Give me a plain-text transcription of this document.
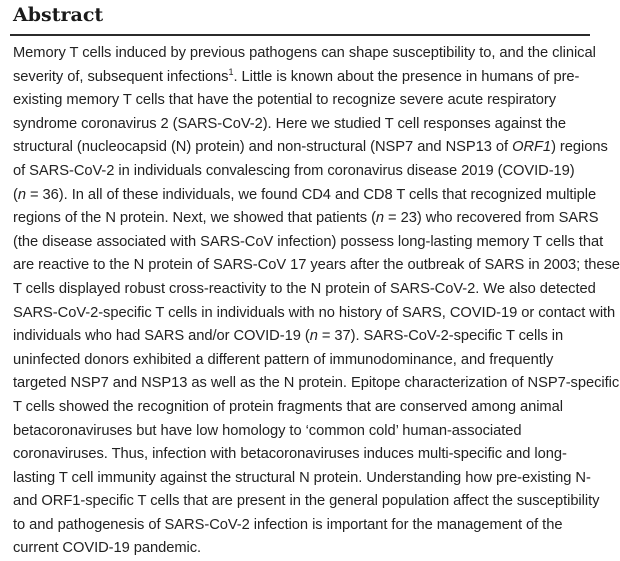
Abstract
Memory T cells induced by previous pathogens can shape susceptibility to, and the clinical
severity of, subsequent infections$^1$. Little is known about the presence in humans of pre-
existing memory T cells that have the potential to recognize severe acute respiratory
syndrome coronavirus 2 (SARS-CoV-2). Here we studied T cell responses against the
structural (nucleocapsid (N) protein) and non-structural (NSP7 and NSP13 of ORF1) regions
of SARS-CoV-2 in individuals convalescing from coronavirus disease 2019 (COVID-19)
(n = 36). In all of these individuals, we found CD4 and CD8 T cells that recognized multiple
regions of the N protein. Next, we showed that patients (n = 23) who recovered from SARS
(the disease associated with SARS-CoV infection) possess long-lasting memory T cells that
are reactive to the N protein of SARS-CoV 17 years after the outbreak of SARS in 2003; these
T cells displayed robust cross-reactivity to the N protein of SARS-CoV-2. We also detected
SARS-CoV-2-specific T cells in individuals with no history of SARS, COVID-19 or contact with
individuals who had SARS and/or COVID-19 (n = 37). SARS-CoV-2-specific T cells in
uninfected donors exhibited a different pattern of immunodominance, and frequently
targeted NSP7 and NSP13 as well as the N protein. Epitope characterization of NSP7-specific
T cells showed the recognition of protein fragments that are conserved among animal
betacoronaviruses but have low homology to ‘common cold’ human-associated
coronaviruses. Thus, infection with betacoronaviruses induces multi-specific and long-
lasting T cell immunity against the structural N protein. Understanding how pre-existing N-
and ORF1-specific T cells that are present in the general population affect the susceptibility
to and pathogenesis of SARS-CoV-2 infection is important for the management of the
current COVID-19 pandemic.
